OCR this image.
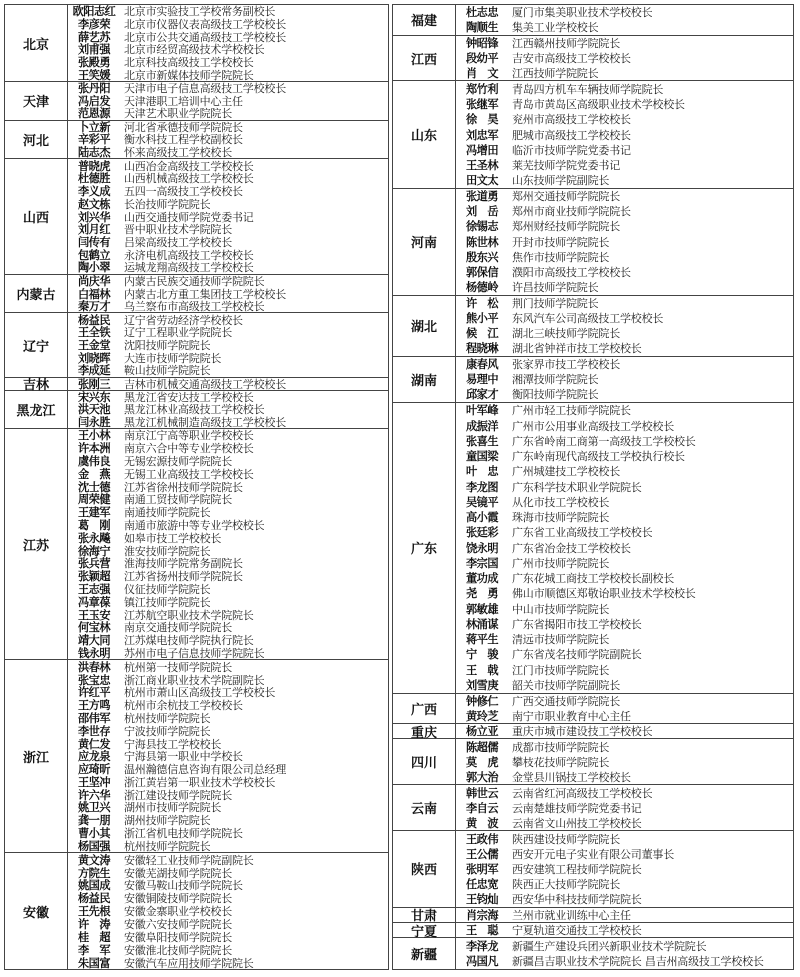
北京
欧阳志红 北京市实验技工学校常务副校长
李彦荣	北京市仪器仪表高级技工学校校长
薛艺苏	北京市公共交通高级技工学校校长
刘甫强	北京市经贸高级技术学校校长
张殿勇	北京科技高级技工学校校长
王笑媛	北京市新媒体技师学院院长
天津
张丹阳	天津市电子信息高级技工学校校长
冯启发	天津港职工培训中心主任
范恩源	天津艺术职业学院院长
河北
卜立新	河北省承德技师学院院长
辛彩平	衡水科技工程学校副校长
陆志杰	怀来高级技工学校校长
山西
普晓虎	山西冶金高级技工学校校长
杜德胜	山西机械高级技工学校校长
李义成	五四一高级技工学校校长
赵文栋	长治技师学院院长
刘兴华	山西交通技师学院党委书记
刘月红	晋中职业技术学院院长
闫传有	吕梁高级技工学校校长
包鹤立	永济电机高级技工学校校长
陶小翠	运城龙翔高级技工学校校长
内蒙古
尚庆华	内蒙古民族交通技师学院院长
白福林	内蒙古北方重工集团技工学校校长
秦万才	乌兰察布市高级技工学校校长
辽宁
杨益民	辽宁省劳动经济学校校长
王全铁	辽宁工程职业学院院长
王金堂	沈阳技师学院院长
刘晓晖	大连市技师学院院长
李成延	鞍山技师学院院长
吉林	张刚三	吉林市机械交通高级技工学校校长
黑龙江
宋兴东	黑龙江省安达技工学校校长
洪天池	黑龙江林业高级技工学校校长
闫永胜	黑龙江机械制造高级技工学校校长
江苏
王小林	南京江宁高等职业学校校长
许本洲	南京六合中等专业学校校长
虞伟良	无锡宏源技师学院院长
金　燕	无锡工业高级技工学校校长
沈士德	江苏省徐州技师学院院长
周荣健	南通工贸技师学院院长
王建军	南通技师学院院长
葛　刚	南通市旅游中等专业学校校长
张永飚	如皋市技工学校校长
徐海宁	淮安技师学院院长
张兵营	淮海技师学院常务副院长
张颖超	江苏省扬州技师学院院长
王志强	仪征技师学院院长
冯章葆	镇江技师学院院长
王玉安	江苏航空职业技术学院院长
何宝林	南京交通技师学院院长
靖大同	江苏煤电技师学院执行院长
钱永明	苏州市电子信息技师学院院长
浙江
洪春林	杭州第一技师学院院长
张宝忠	浙江商业职业技术学院副院长
许红平	杭州市萧山区高级技工学校校长
王方鸣	杭州市余杭技工学校校长
邵伟军	杭州技师学院院长
李世存	宁波技师学院院长
黄仁发	宁海县技工学校校长
应龙泉	宁海县第一职业中学校长
应琦昕	温州瀚德信息咨询有限公司总经理
王坚冲	浙江黄岩第一职业技术学校校长
许六华	浙江建设技师学院院长
姚卫兴	湖州市技师学院院长
龚一朋	湖州技师学院院长
曹小其	浙江省机电技师学院院长
杨国强	杭州技师学院院长
安徽
黄文涛	安徽轻工业技师学院副院长
方院生	安徽芜湖技师学院院长
姚国成	安徽马鞍山技师学院院长
杨益民	安徽铜陵技师学院院长
王先根	安徽金寨职业学校校长
许　涛	安徽六安技师学院院长
桂　超	安徽阜阳技师学院院长
李　军	安徽淮北技师学院院长
朱国富	安徽汽车应用技师学院院长
福建
杜志忠	厦门市集美职业技术学校校长
陶顺生	集美工业学校校长
江西
钟昭锋	江西赣州技师学院院长
段幼平	吉安市高级技工学校校长
肖　文	江西技师学院院长
山东
郑竹利	青岛四方机车车辆技师学院院长
张继军	青岛市黄岛区高级职业技术学校校长
徐　昊	兖州市高级技工学校校长
刘忠军	肥城市高级技工学校校长
冯增田	临沂市技师学院党委书记
王圣林	莱芜技师学院党委书记
田文太	山东技师学院副院长
河南
张道勇	郑州交通技师学院院长
刘　岳	郑州市商业技师学院院长
徐锡志	郑州财经技师学院院长
陈世林	开封市技师学院院长
殷东兴	焦作市技师学院院长
郭保信	濮阳市高级技工学校校长
杨德岭	许昌技师学院院长
湖北
许　松	荆门技师学院院长
熊小平	东风汽车公司高级技工学校校长
候　江	湖北三峡技师学院院长
程晓琳	湖北省钟祥市技工学校校长
湖南
康春风	张家界市技工学校校长
易理中	湘潭技师学院院长
邱家才	衡阳技师学院院长
广东
叶军峰	广州市轻工技师学院院长
成振洋	广州市公用事业高级技工学校校长
张喜生	广东省岭南工商第一高级技工学校校长
童国梁	广东岭南现代高级技工学校执行校长
叶　忠	广州城建技工学校校长
李龙图	广东科学技术职业学院院长
吴镜平	从化市技工学校校长
高小霞	珠海市技师学院院长
张廷彩	广东省工业高级技工学校校长
饶永明	广东省冶金技工学校校长
李宗国	广州市技师学院院长
董功成	广东花城工商技工学校校长副校长
尧　勇	佛山市顺德区郑敬诒职业技术学校校长
郭敏雄	中山市技师学院院长
林涌谋	广东省揭阳市技工学校校长
蒋平生	清远市技师学院院长
宁　骏	广东省茂名技师学院副院长
王　戟	江门市技师学院院长
刘雪庚	韶关市技师学院副院长
广西
钟修仁	广西交通技师学院院长
黄玲芝	南宁市职业教育中心主任
重庆	杨立亚	重庆市城市建设技工学校校长
四川
陈超儒	成都市技师学院院长
莫　虎	攀枝花技师学院院长
郭大治	金堂县川锅技工学校校长
云南
韩世云	云南省红河高级技工学校校长
李自云	云南楚雄技师学院党委书记
黄　波	云南省文山州技工学校校长
陕西
王政伟	陕西建设技师学院院长
王公儒	西安开元电子实业有限公司董事长
张明军	西安建筑工程技师学院院长
任忠宽	陕西正大技师学院院长
王钧灿	西安华中科技技师学院院长
甘肃	肖宗海	兰州市就业训练中心主任
宁夏	王　聪	宁夏轨道交通技工学校校长
新疆
李泽龙	新疆生产建设兵团兴新职业技术学院院长
冯国凡	新疆昌吉职业技术学院院长 昌吉州高级技工学校校长
